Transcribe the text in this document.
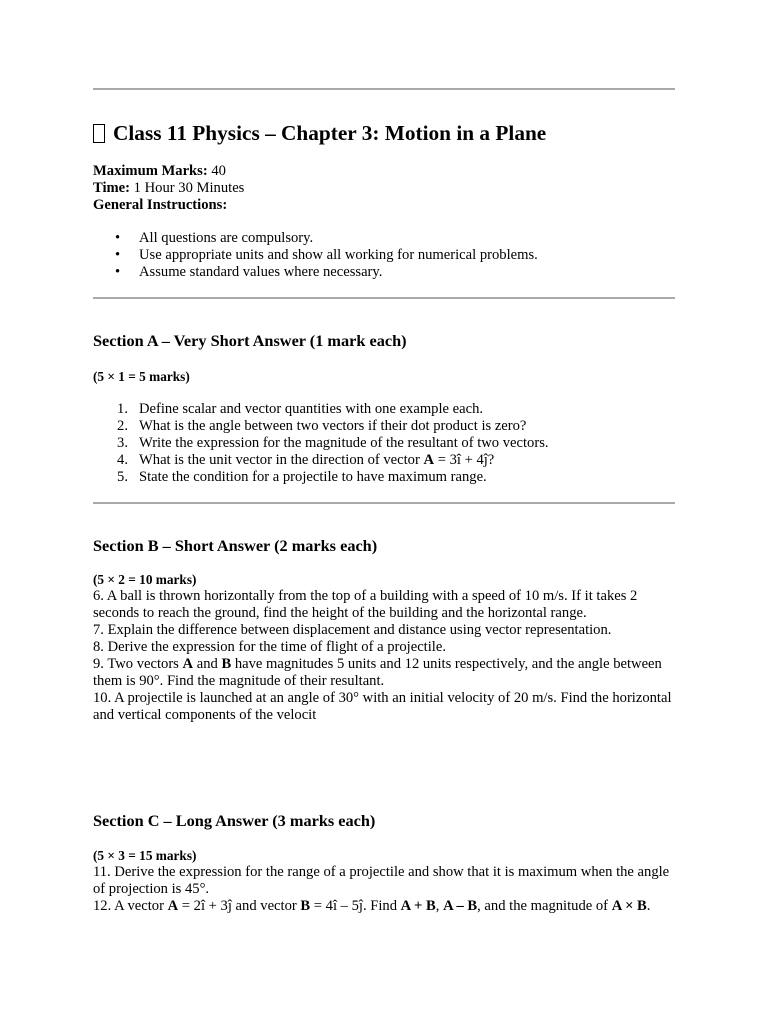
Class 11 Physics – Chapter 3: Motion in a Plane
Maximum Marks: 40
Time: 1 Hour 30 Minutes
General Instructions:
• All questions are compulsory.
• Use appropriate units and show all working for numerical problems.
• Assume standard values where necessary.
Section A – Very Short Answer (1 mark each)
(5 × 1 = 5 marks)
1. Define scalar and vector quantities with one example each.
2. What is the angle between two vectors if their dot product is zero?
3. Write the expression for the magnitude of the resultant of two vectors.
4. What is the unit vector in the direction of vector A = 3î + 4ĵ?
5. State the condition for a projectile to have maximum range.
Section B – Short Answer (2 marks each)
(5 × 2 = 10 marks)
6. A ball is thrown horizontally from the top of a building with a speed of 10 m/s. If it takes 2 seconds to reach the ground, find the height of the building and the horizontal range.
7. Explain the difference between displacement and distance using vector representation.
8. Derive the expression for the time of flight of a projectile.
9. Two vectors A and B have magnitudes 5 units and 12 units respectively, and the angle between them is 90°. Find the magnitude of their resultant.
10. A projectile is launched at an angle of 30° with an initial velocity of 20 m/s. Find the horizontal and vertical components of the velocit
Section C – Long Answer (3 marks each)
(5 × 3 = 15 marks)
11. Derive the expression for the range of a projectile and show that it is maximum when the angle of projection is 45°.
12. A vector A = 2î + 3ĵ and vector B = 4î – 5ĵ. Find A + B, A – B, and the magnitude of A × B.
